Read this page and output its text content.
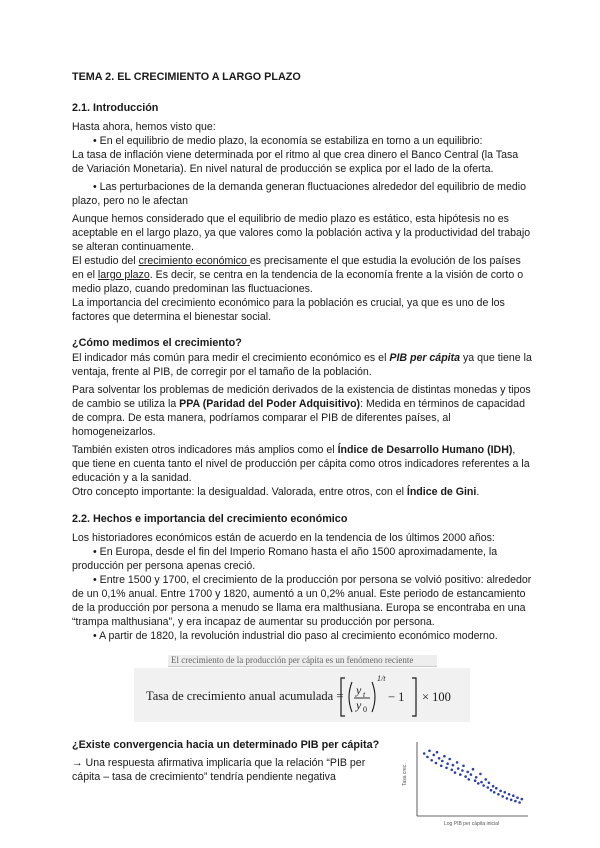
TEMA 2. EL CRECIMIENTO A LARGO PLAZO
2.1. Introducción

Hasta ahora, hemos visto que:

• En el equilibrio de medio plazo, la economía se estabiliza en torno a un equilibrio:

La tasa de inflación viene determinada por el ritmo al que crea dinero el Banco Central (la Tasa de Variación Monetaria). En nivel natural de producción se explica por el lado de la oferta.

• Las perturbaciones de la demanda generan fluctuaciones alrededor del equilibrio de medio plazo, pero no le afectan

Aunque hemos considerado que el equilibrio de medio plazo es estático, esta hipótesis no es aceptable en el largo plazo, ya que valores como la población activa y la productividad del trabajo se alteran continuamente.

El estudio del crecimiento económico es precisamente el que estudia la evolución de los países en el largo plazo. Es decir, se centra en la tendencia de la economía frente a la visión de corto o medio plazo, cuando predominan las fluctuaciones.

La importancia del crecimiento económico para la población es crucial, ya que es uno de los factores que determina el bienestar social.

¿Cómo medimos el crecimiento?

El indicador más común para medir el crecimiento económico es el PIB per cápita ya que tiene la ventaja, frente al PIB, de corregir por el tamaño de la población.

Para solventar los problemas de medición derivados de la existencia de distintas monedas y tipos de cambio se utiliza la PPA (Paridad del Poder Adquisitivo): Medida en términos de capacidad de compra. De esta manera, podríamos comparar el PIB de diferentes países, al homogeneizarlos.

También existen otros indicadores más amplios como el Índice de Desarrollo Humano (IDH), que tiene en cuenta tanto el nivel de producción per cápita como otros indicadores referentes a la educación y a la sanidad.

Otro concepto importante: la desigualdad. Valorada, entre otros, con el Índice de Gini.

2.2. Hechos e importancia del crecimiento económico

Los historiadores económicos están de acuerdo en la tendencia de los últimos 2000 años:

• En Europa, desde el fin del Imperio Romano hasta el año 1500 aproximadamente, la producción per persona apenas creció.

• Entre 1500 y 1700, el crecimiento de la producción por persona se volvió positivo: alrededor de un 0,1% anual. Entre 1700 y 1820, aumentó a un 0,2% anual. Este periodo de estancamiento de la producción por persona a menudo se llama era malthusiana. Europa se encontraba en una “trampa malthusiana”, y era incapaz de aumentar su producción por persona.

• A partir de 1820, la revolución industrial dio paso al crecimiento económico moderno.

El crecimiento de la producción per cápita es un fenómeno reciente
Tasa de crecimiento anual acumulada = y t
y 0
1/t
− 1 × 100
¿Existe convergencia hacia un determinado PIB per cápita?
→ Una respuesta afirmativa implicaría que la relación “PIB per cápita – tasa de crecimiento” tendría pendiente negativa	Tasa crec.
Log PIB per cápita inicial
